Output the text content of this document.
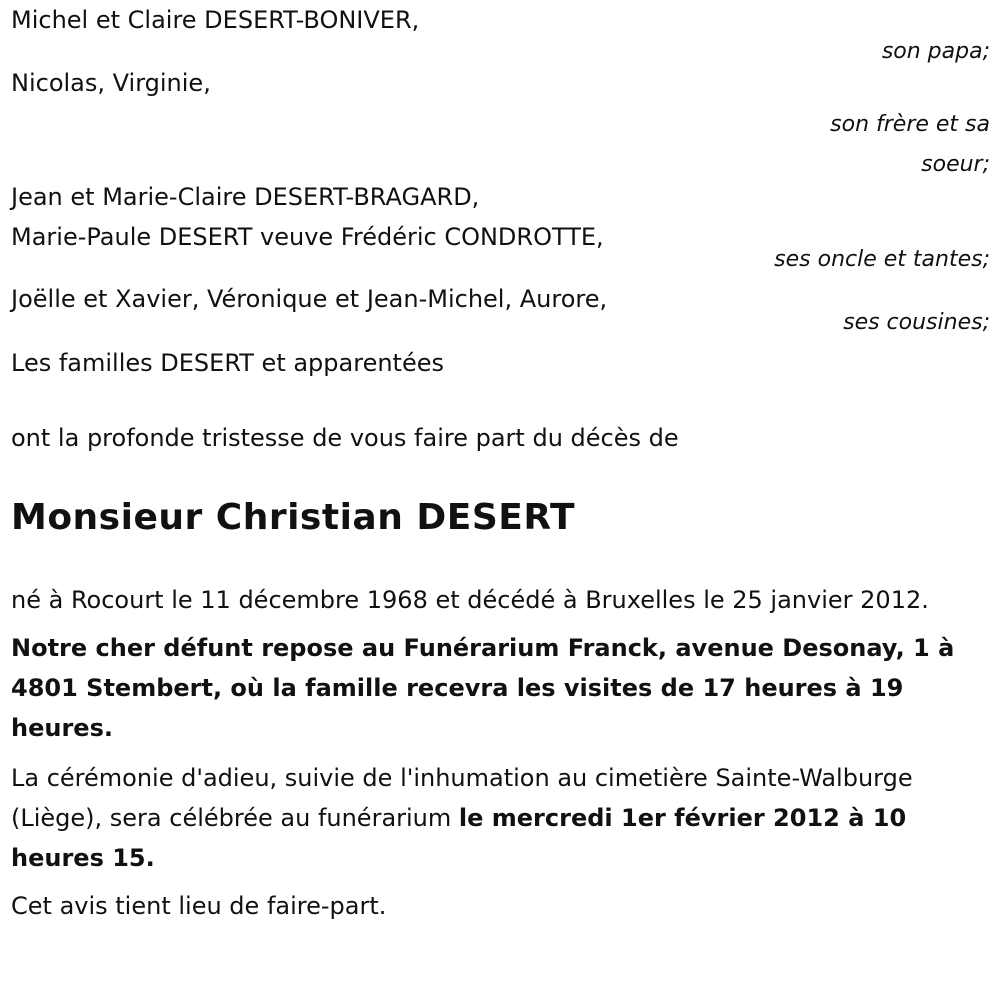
Michel et Claire DESERT-BONIVER,
son papa;
Nicolas, Virginie,
son frère et sa
soeur;
Jean et Marie-Claire DESERT-BRAGARD,
Marie-Paule DESERT veuve Frédéric CONDROTTE,
ses oncle et tantes;
Joëlle et Xavier, Véronique et Jean-Michel, Aurore,
ses cousines;
Les familles DESERT et apparentées
ont la profonde tristesse de vous faire part du décès de
Monsieur Christian DESERT
né à Rocourt le 11 décembre 1968 et décédé à Bruxelles le 25 janvier 2012.
Notre cher défunt repose au Funérarium Franck, avenue Desonay, 1 à 4801 Stembert, où la famille recevra les visites de 17 heures à 19 heures.
La cérémonie d'adieu, suivie de l'inhumation au cimetière Sainte-Walburge (Liège), sera célébrée au funérarium le mercredi 1er février 2012 à 10 heures 15.
Cet avis tient lieu de faire-part.
